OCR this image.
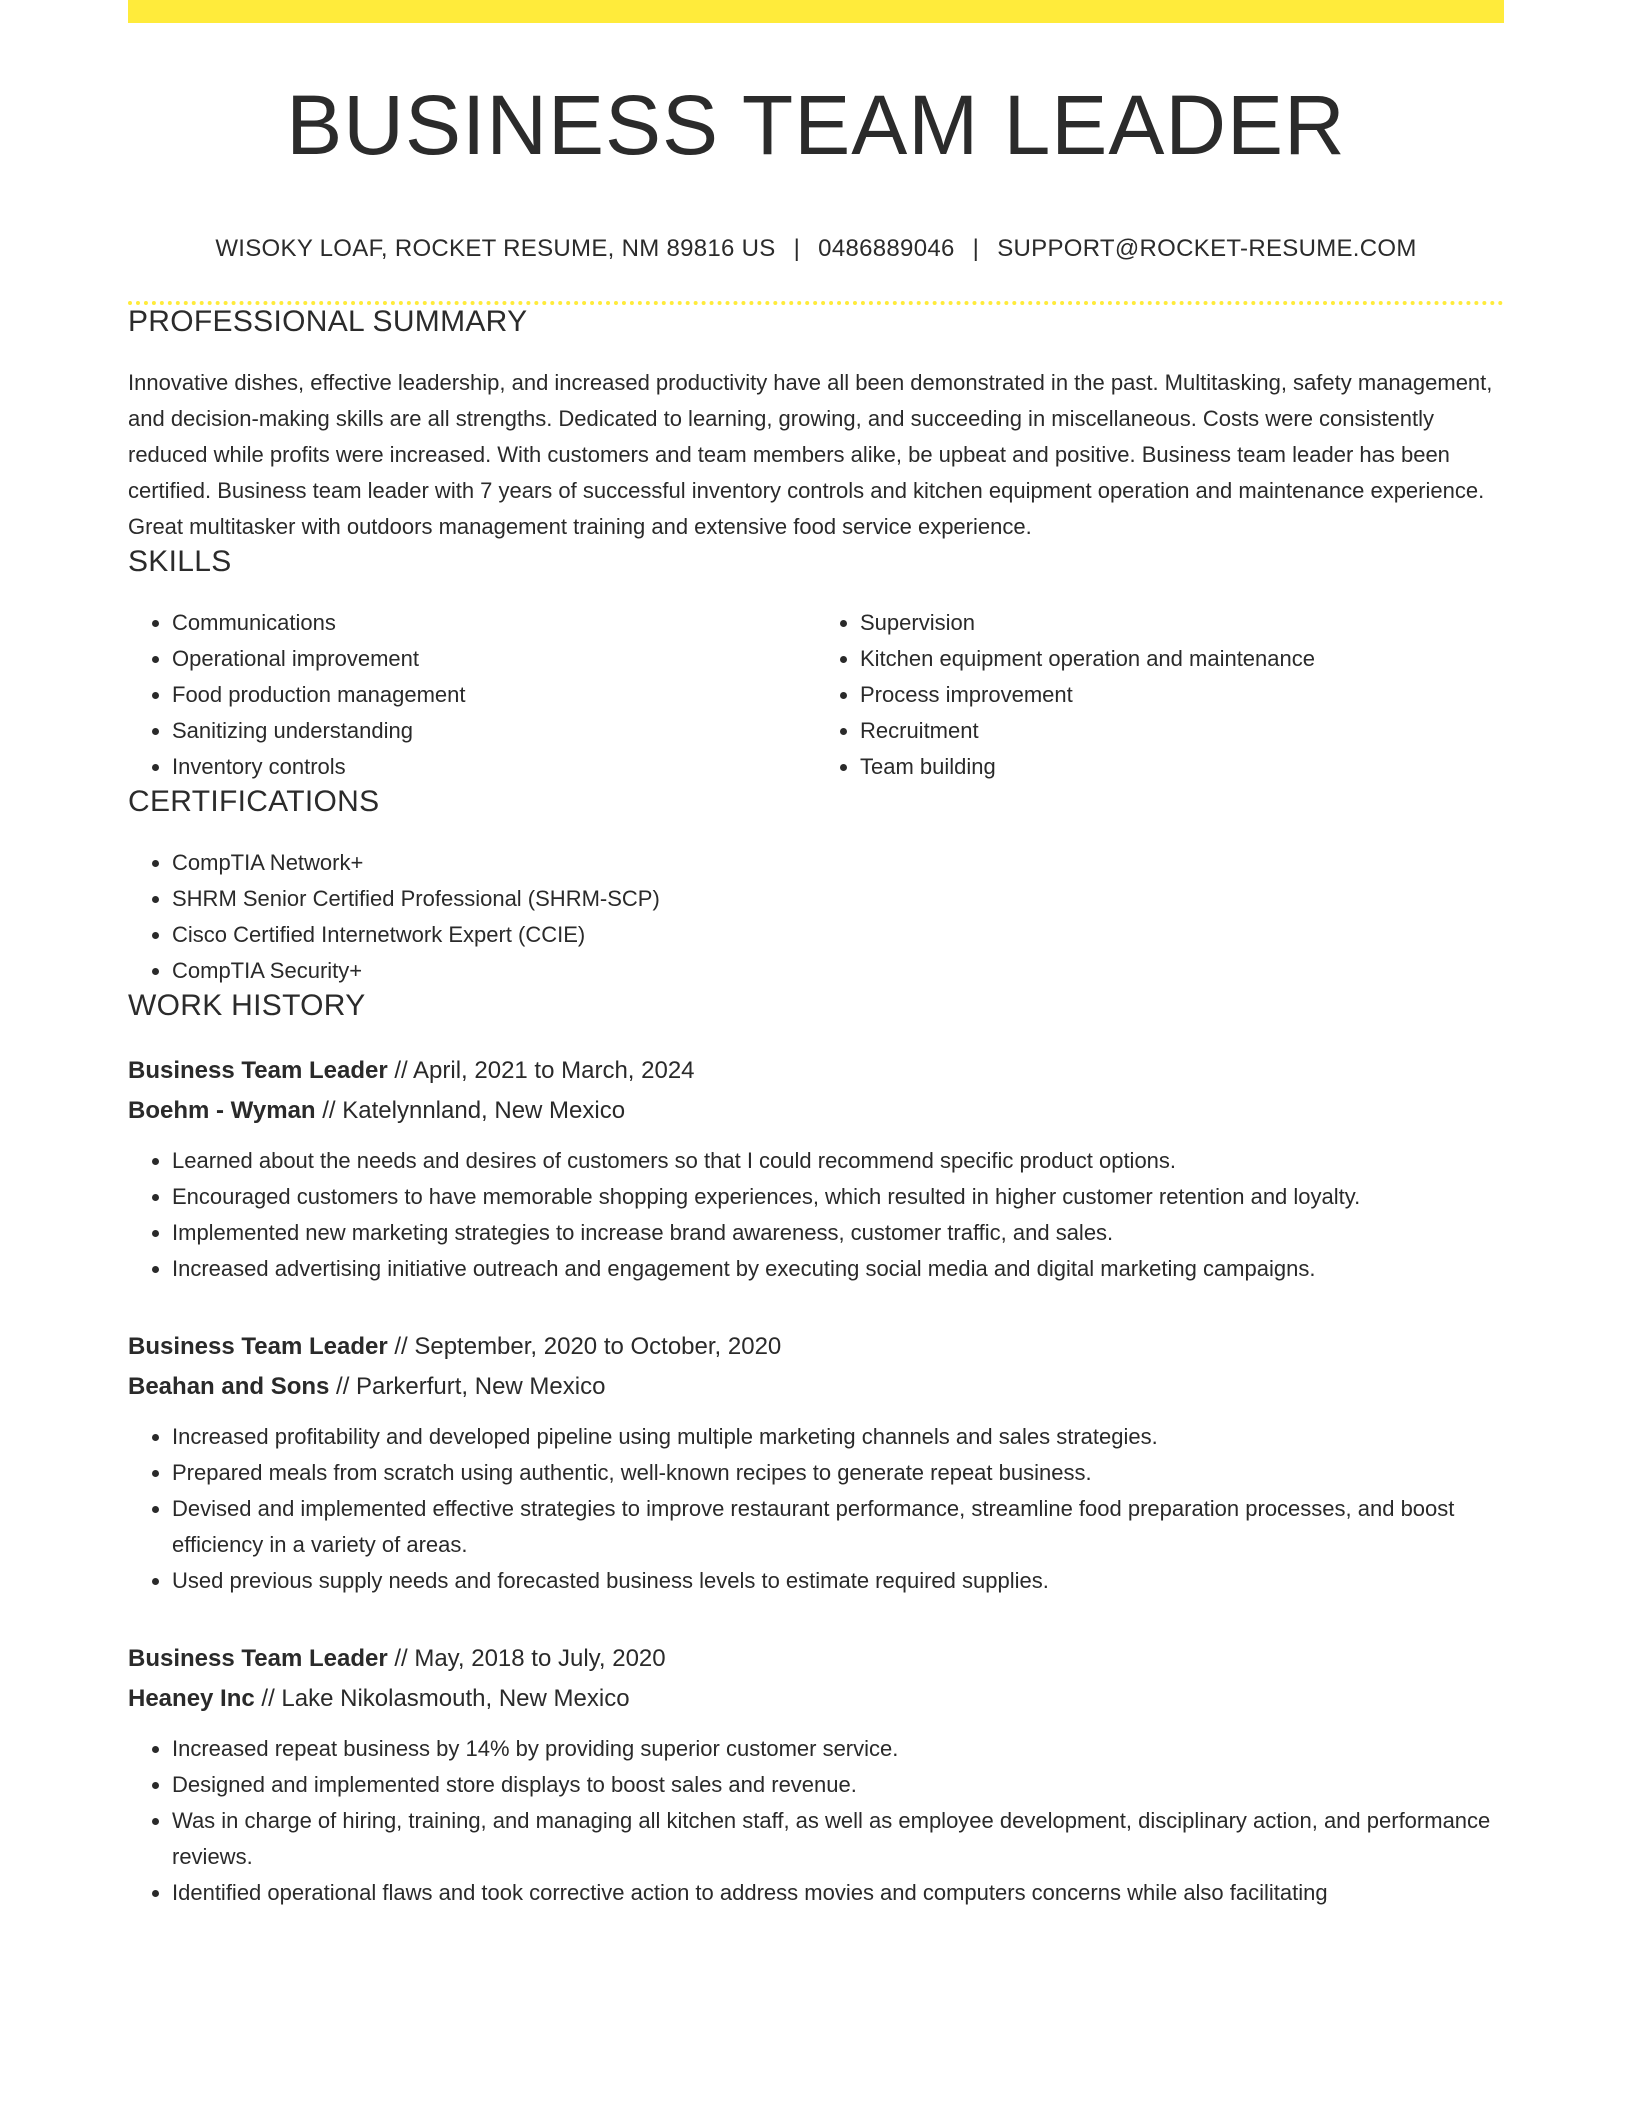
BUSINESS TEAM LEADER
WISOKY LOAF, ROCKET RESUME, NM 89816 US | 0486889046 | SUPPORT@ROCKET-RESUME.COM
PROFESSIONAL SUMMARY

Innovative dishes, effective leadership, and increased productivity have all been demonstrated in the past. Multitasking, safety management, and decision-making skills are all strengths. Dedicated to learning, growing, and succeeding in miscellaneous. Costs were consistently reduced while profits were increased. With customers and team members alike, be upbeat and positive. Business team leader has been certified. Business team leader with 7 years of successful inventory controls and kitchen equipment operation and maintenance experience. Great multitasker with outdoors management training and extensive food service experience.

SKILLS
• Communications
• Operational improvement
• Food production management
• Sanitizing understanding
• Inventory controls
• Supervision
• Kitchen equipment operation and maintenance
• Process improvement
• Recruitment
• Team building
CERTIFICATIONS
• CompTIA Network+
• SHRM Senior Certified Professional (SHRM-SCP)
• Cisco Certified Internetwork Expert (CCIE)
• CompTIA Security+
WORK HISTORY
Business Team Leader // April, 2021 to March, 2024
Boehm - Wyman // Katelynnland, New Mexico
• Learned about the needs and desires of customers so that I could recommend specific product options.
• Encouraged customers to have memorable shopping experiences, which resulted in higher customer retention and loyalty.
• Implemented new marketing strategies to increase brand awareness, customer traffic, and sales.
• Increased advertising initiative outreach and engagement by executing social media and digital marketing campaigns.
Business Team Leader // September, 2020 to October, 2020
Beahan and Sons // Parkerfurt, New Mexico
• Increased profitability and developed pipeline using multiple marketing channels and sales strategies.
• Prepared meals from scratch using authentic, well-known recipes to generate repeat business.
• Devised and implemented effective strategies to improve restaurant performance, streamline food preparation processes, and boost efficiency in a variety of areas.
• Used previous supply needs and forecasted business levels to estimate required supplies.
Business Team Leader // May, 2018 to July, 2020
Heaney Inc // Lake Nikolasmouth, New Mexico
• Increased repeat business by 14% by providing superior customer service.
• Designed and implemented store displays to boost sales and revenue.
• Was in charge of hiring, training, and managing all kitchen staff, as well as employee development, disciplinary action, and performance reviews.
• Identified operational flaws and took corrective action to address movies and computers concerns while also facilitating
